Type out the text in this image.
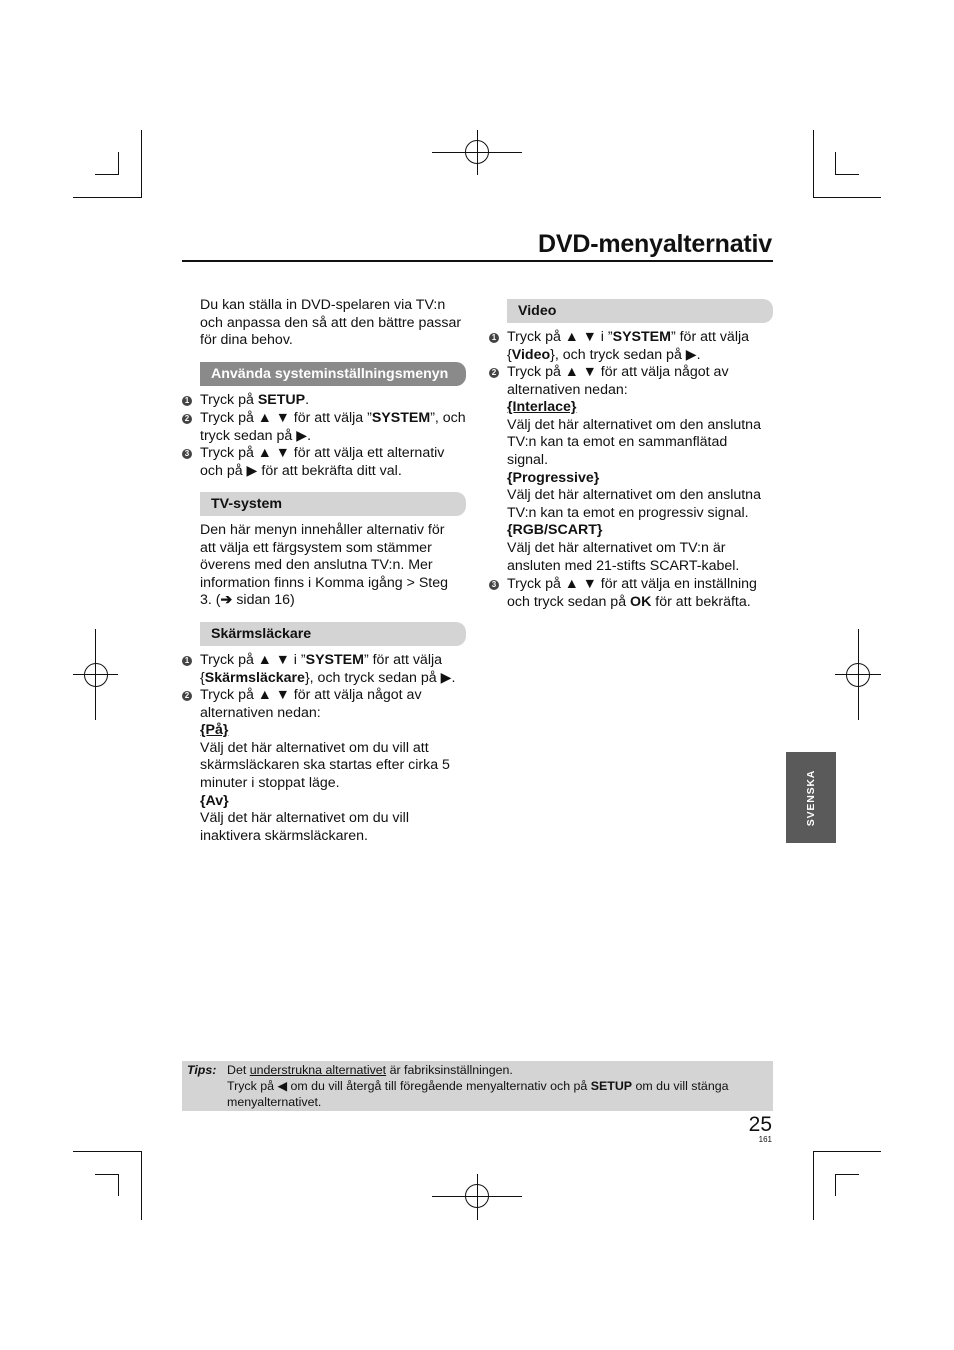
DVD-menyalternativ
Du kan ställa in DVD-spelaren via TV:n
och anpassa den så att den bättre passar
för dina behov.
Använda systeminställningsmenyn
1 Tryck på SETUP.
2 Tryck på ▲ ▼ för att välja ”SYSTEM”, och
tryck sedan på ▶.
3 Tryck på ▲ ▼ för att välja ett alternativ
och på ▶ för att bekräfta ditt val.
TV-system
Den här menyn innehåller alternativ för
att välja ett färgsystem som stämmer
överens med den anslutna TV:n. Mer
information finns i Komma igång > Steg
3. (➔ sidan 16)
Skärmsläckare
1 Tryck på ▲ ▼ i ”SYSTEM” för att välja
{Skärmsläckare}, och tryck sedan på ▶.
2 Tryck på ▲ ▼ för att välja något av
alternativen nedan:
{På}
Välj det här alternativet om du vill att
skärmsläckaren ska startas efter cirka 5
minuter i stoppat läge.
{Av}
Välj det här alternativet om du vill
inaktivera skärmsläckaren.
Video
1 Tryck på ▲ ▼ i ”SYSTEM” för att välja
{Video}, och tryck sedan på ▶.
2 Tryck på ▲ ▼ för att välja något av
alternativen nedan:
{Interlace}
Välj det här alternativet om den anslutna
TV:n kan ta emot en sammanflätad
signal.
{Progressive}
Välj det här alternativet om den anslutna
TV:n kan ta emot en progressiv signal.
{RGB/SCART}
Välj det här alternativet om TV:n är
ansluten med 21-stifts SCART-kabel.
3 Tryck på ▲ ▼ för att välja en inställning
och tryck sedan på OK för att bekräfta.
SVENSKA
Tips: Det understrukna alternativet är fabriksinställningen.
Tryck på ◀ om du vill återgå till föregående menyalternativ och på SETUP om du vill stänga
menyalternativet.
25
161
